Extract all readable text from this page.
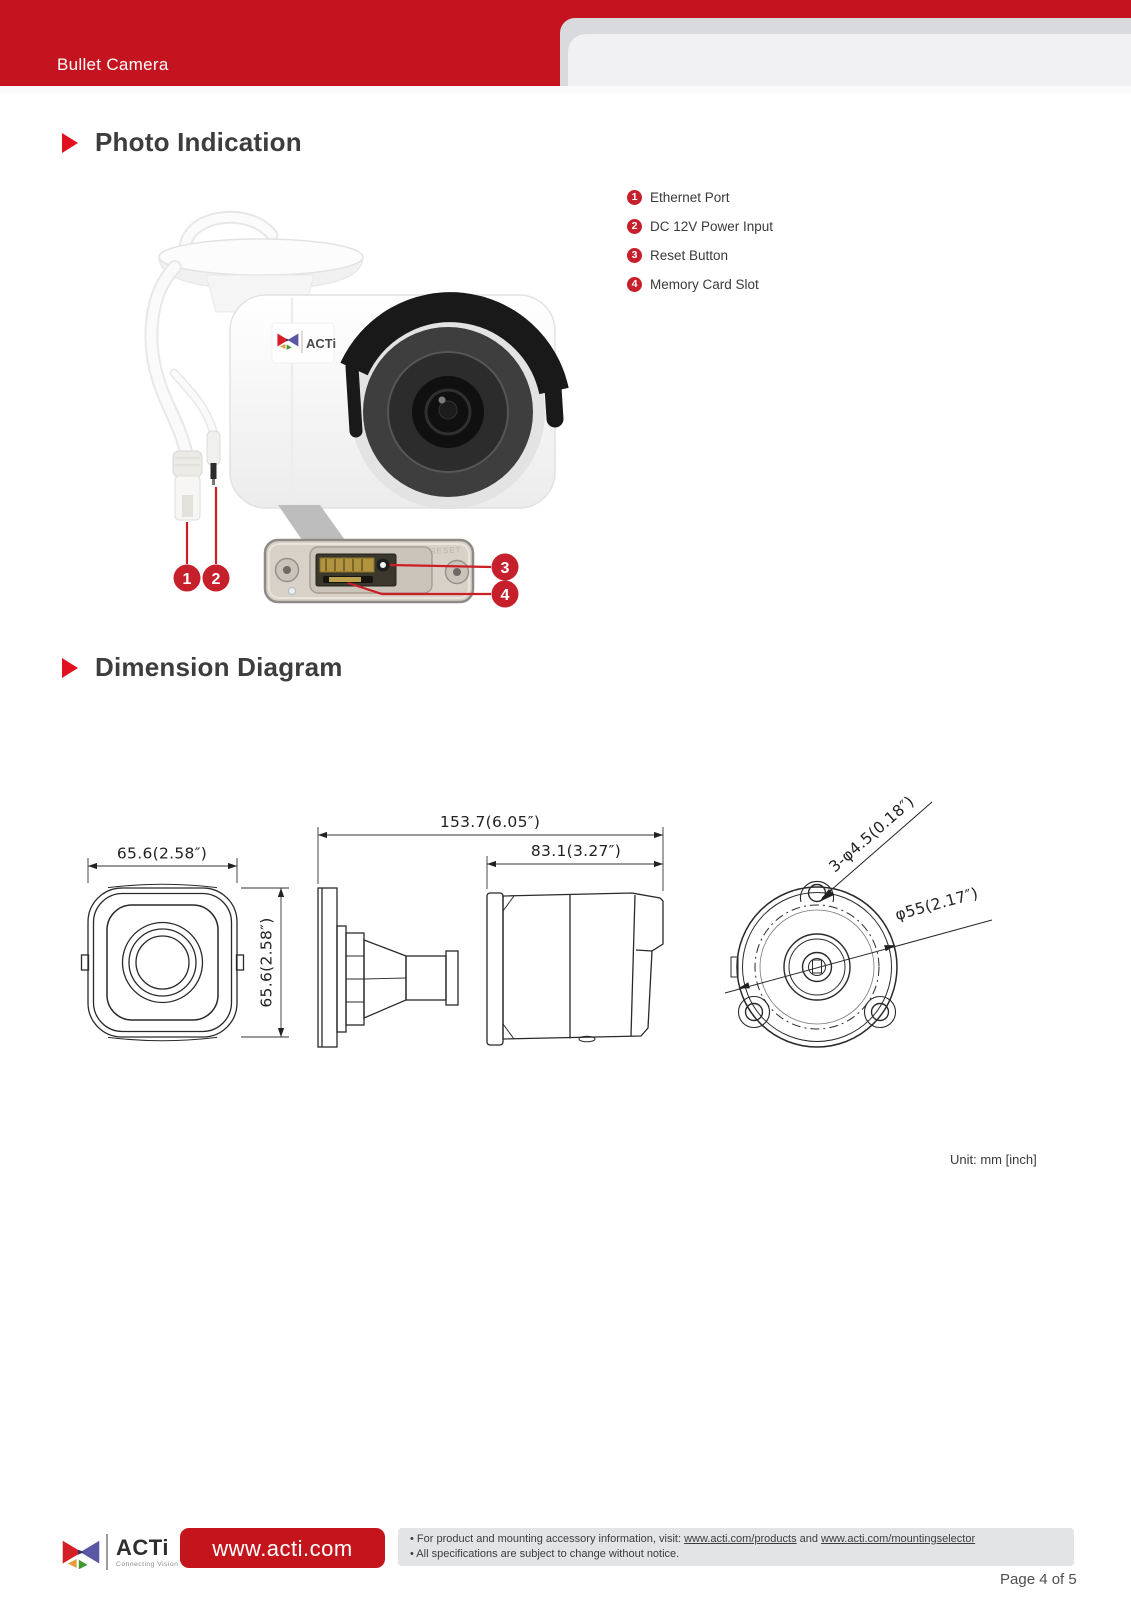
Bullet Camera
Photo Indication
ACTi
RESET
1 2
3
4
1 Ethernet Port
2 DC 12V Power Input
3 Reset Button
4 Memory Card Slot
Dimension Diagram
65.6(2.58″)
65.6(2.58″)
153.7(6.05″)
83.1(3.27″)	3-φ4.5(0.18″)
φ55(2.17″)
Unit: mm [inch]
ACTi
Connecting Vision
www.acti.com	• For product and mounting accessory information, visit: www.acti.com/products and www.acti.com/mountingselector
• All specifications are subject to change without notice.
Page 4 of 5
